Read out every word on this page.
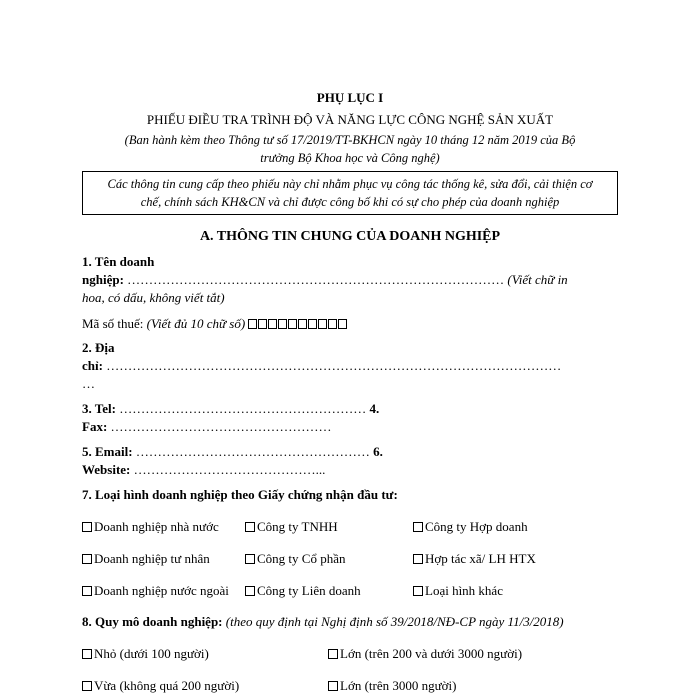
PHỤ LỤC I
PHIẾU ĐIỀU TRA TRÌNH ĐỘ VÀ NĂNG LỰC CÔNG NGHỆ SẢN XUẤT
(Ban hành kèm theo Thông tư số 17/2019/TT-BKHCN ngày 10 tháng 12 năm 2019 của Bộ
trưởng Bộ Khoa học và Công nghệ)
Các thông tin cung cấp theo phiếu này chỉ nhằm phục vụ công tác thống kê, sửa đổi, cải thiện cơ
chế, chính sách KH&CN và chỉ được công bố khi có sự cho phép của doanh nghiệp
A. THÔNG TIN CHUNG CỦA DOANH NGHIỆP
1. Tên doanh
nghiệp: …………………………………………………………………………… (Viết chữ in
hoa, có dấu, không viết tắt)
Mã số thuế: (Viết đủ 10 chữ số)
2. Địa
chỉ: ……………………………………………………………………………………………
…
3. Tel: ………………………………………………… 4.
Fax: ……………………………………………
5. Email: ……………………………………………… 6.
Website: ……………………………………...
7. Loại hình doanh nghiệp theo Giấy chứng nhận đầu tư:
Doanh nghiệp nhà nước	Công ty TNHH	Công ty Hợp doanh
Doanh nghiệp tư nhân	Công ty Cổ phần	Hợp tác xã/ LH HTX
Doanh nghiệp nước ngoài	Công ty Liên doanh	Loại hình khác
8. Quy mô doanh nghiệp: (theo quy định tại Nghị định số 39/2018/NĐ-CP ngày 11/3/2018)
Nhỏ (dưới 100 người)	Lớn (trên 200 và dưới 3000 người)
Vừa (không quá 200 người)	Lớn (trên 3000 người)
